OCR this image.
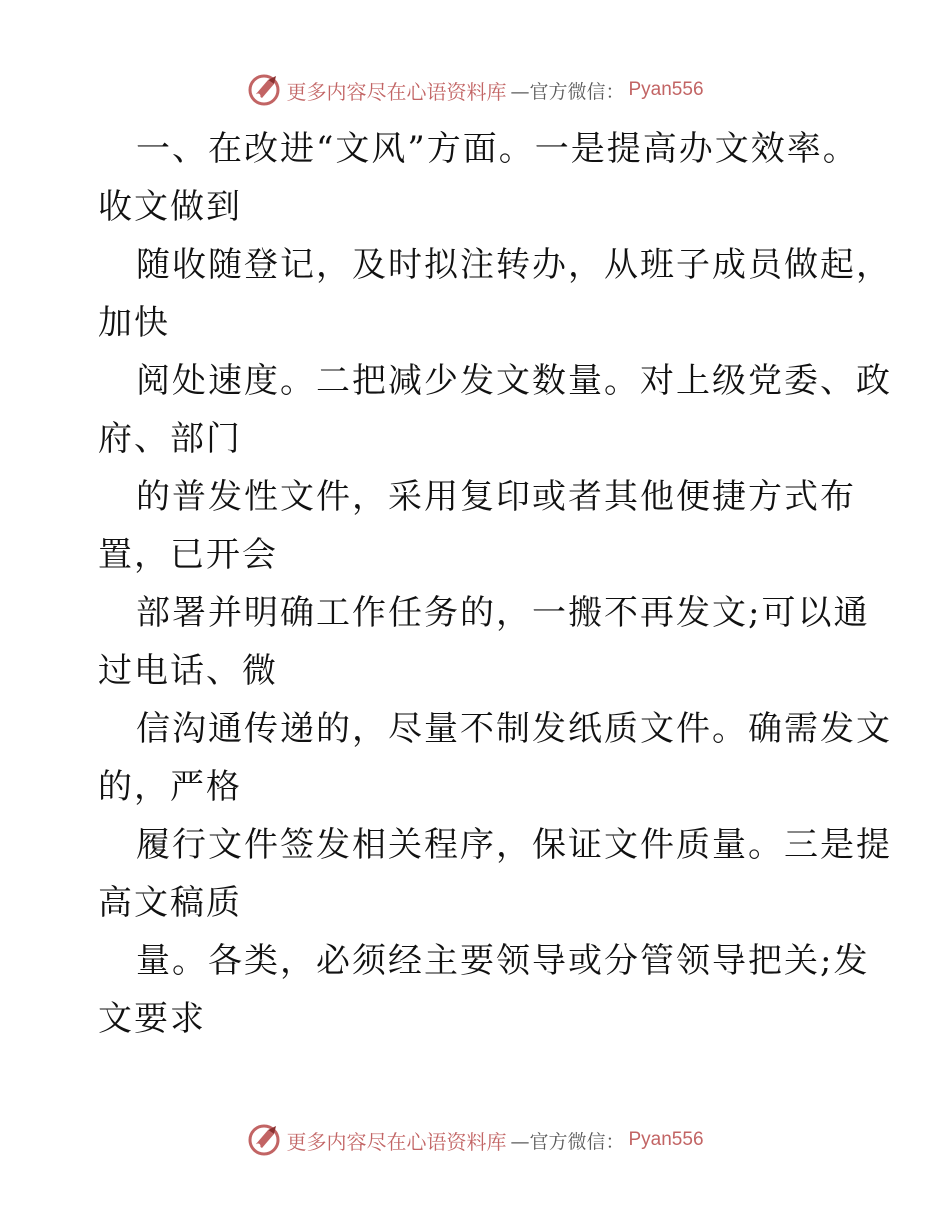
更多内容尽在心语资料库 —官方微信： Pyan556
一、在改进“文风”方面。一是提高办文效率。
收文做到
随收随登记，及时拟注转办，从班子成员做起，
加快
阅处速度。二把减少发文数量。对上级党委、政
府、部门
的普发性文件，采用复印或者其他便捷方式布
置，已开会
部署并明确工作任务的，一搬不再发文;可以通
过电话、微
信沟通传递的，尽量不制发纸质文件。确需发文
的，严格
履行文件签发相关程序，保证文件质量。三是提
高文稿质
量。各类，必须经主要领导或分管领导把关;发
文要求
更多内容尽在心语资料库 —官方微信： Pyan556
